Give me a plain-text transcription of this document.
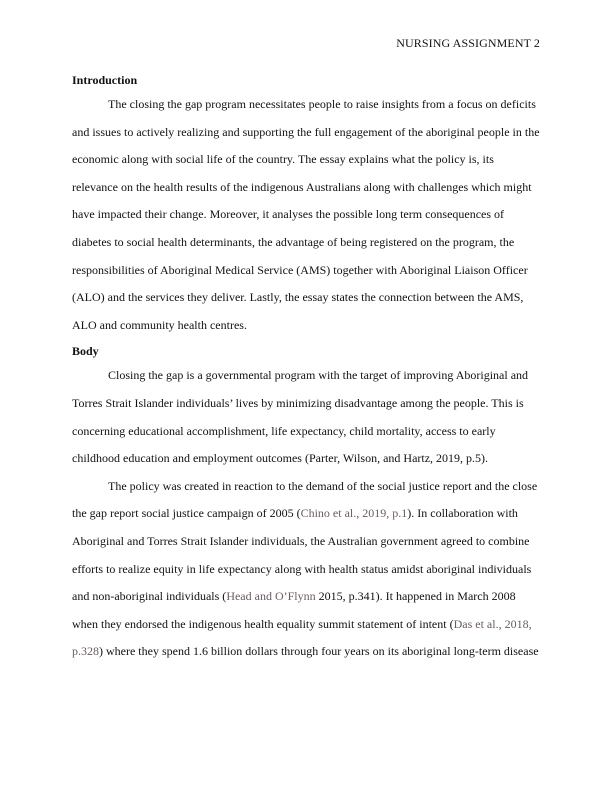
NURSING ASSIGNMENT 2
Introduction

The closing the gap program necessitates people to raise insights from a focus on deficits and issues to actively realizing and supporting the full engagement of the aboriginal people in the economic along with social life of the country. The essay explains what the policy is, its relevance on the health results of the indigenous Australians along with challenges which might have impacted their change. Moreover, it analyses the possible long term consequences of diabetes to social health determinants, the advantage of being registered on the program, the responsibilities of Aboriginal Medical Service (AMS) together with Aboriginal Liaison Officer (ALO) and the services they deliver. Lastly, the essay states the connection between the AMS, ALO and community health centres.

Body

Closing the gap is a governmental program with the target of improving Aboriginal and Torres Strait Islander individuals’ lives by minimizing disadvantage among the people. This is concerning educational accomplishment, life expectancy, child mortality, access to early childhood education and employment outcomes (Parter, Wilson, and Hartz, 2019, p.5).

The policy was created in reaction to the demand of the social justice report and the close the gap report social justice campaign of 2005 (Chino et al., 2019, p.1). In collaboration with Aboriginal and Torres Strait Islander individuals, the Australian government agreed to combine efforts to realize equity in life expectancy along with health status amidst aboriginal individuals and non-aboriginal individuals (Head and O’Flynn 2015, p.341). It happened in March 2008 when they endorsed the indigenous health equality summit statement of intent (Das et al., 2018, p.328) where they spend 1.6 billion dollars through four years on its aboriginal long-term disease
